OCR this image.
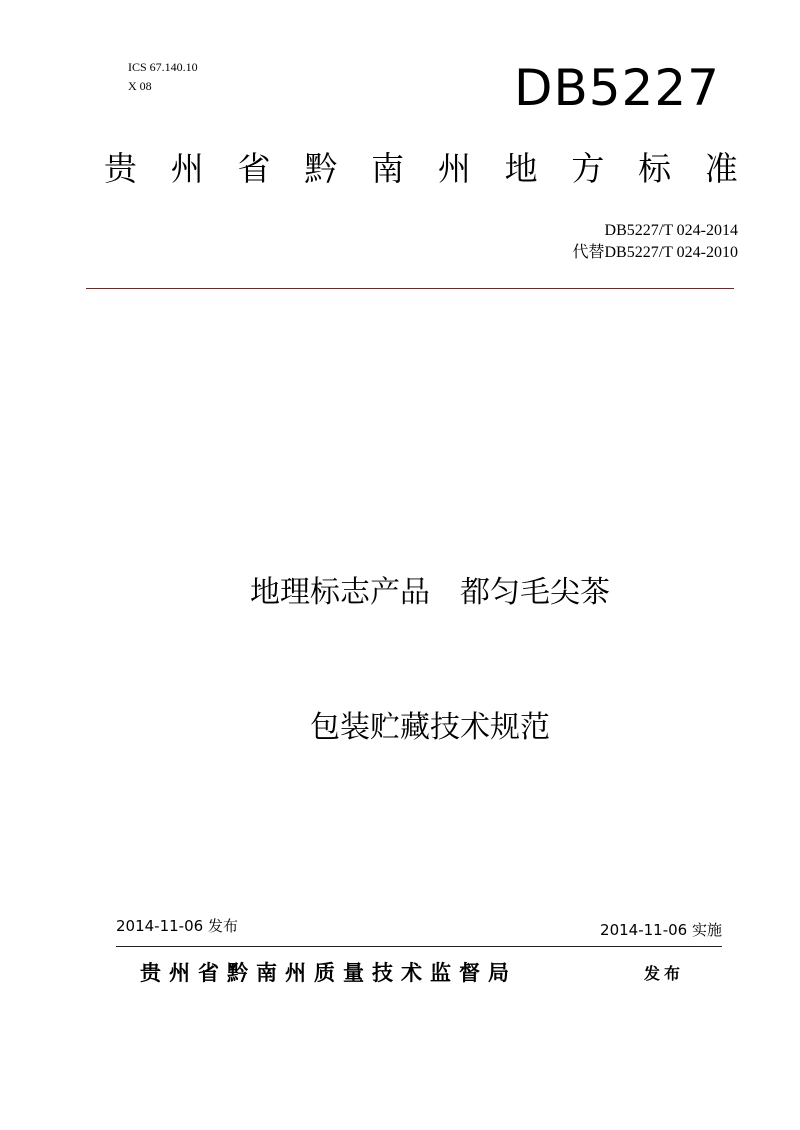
ICS 67.140.10
X 08	DB5227
贵 州 省 黔 南 州 地 方 标 准
DB5227/T 024-2014
代替DB5227/T 024-2010

地理标志产品　都匀毛尖茶

包装贮藏技术规范

2014-11-06 发布	2014-11-06 实施
贵州省黔南州质量技术监督局	发布
